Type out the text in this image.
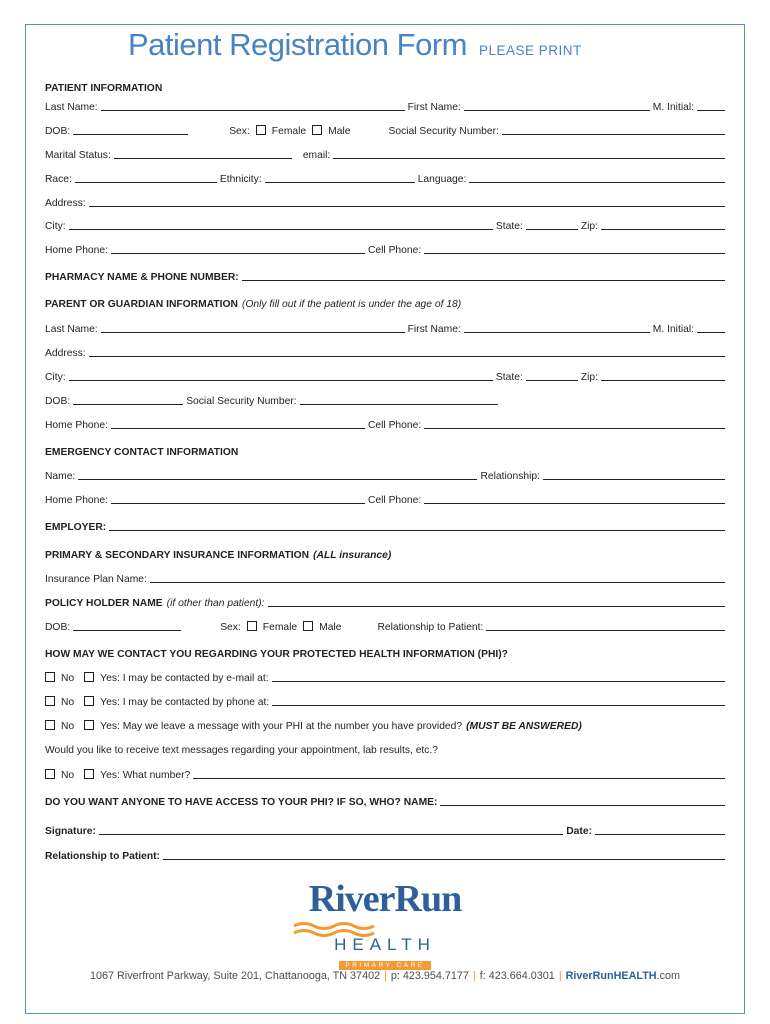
Patient Registration Form PLEASE PRINT
PATIENT INFORMATION
Last Name:	First Name:	M. Initial:
DOB:	Sex: Female Male	Social Security Number:
Marital Status:	email:
Race:	Ethnicity:	Language:
Address:
City:	State:	Zip:
Home Phone:	Cell Phone:
PHARMACY NAME & PHONE NUMBER:
PARENT OR GUARDIAN INFORMATION (Only fill out if the patient is under the age of 18)
Last Name:	First Name:	M. Initial:
Address:
City:	State:	Zip:
DOB:	Social Security Number:
Home Phone:	Cell Phone:
EMERGENCY CONTACT INFORMATION
Name:	Relationship:
Home Phone:	Cell Phone:
EMPLOYER:
PRIMARY & SECONDARY INSURANCE INFORMATION (ALL insurance)
Insurance Plan Name:
POLICY HOLDER NAME (if other than patient):
DOB:	Sex: Female Male	Relationship to Patient:
HOW MAY WE CONTACT YOU REGARDING YOUR PROTECTED HEALTH INFORMATION (PHI)?
No	Yes: I may be contacted by e-mail at:
No	Yes: I may be contacted by phone at:
No	Yes: May we leave a message with your PHI at the number you have provided? (MUST BE ANSWERED)
Would you like to receive text messages regarding your appointment, lab results, etc.?
No	Yes: What number?
DO YOU WANT ANYONE TO HAVE ACCESS TO YOUR PHI? IF SO, WHO? NAME:
Signature:	Date:
Relationship to Patient:
RiverRun
HEALTH
PRIMARY CARE
1067 Riverfront Parkway, Suite 201, Chattanooga, TN 37402 | p: 423.954.7177 | f: 423.664.0301 | RiverRunHEALTH.com
